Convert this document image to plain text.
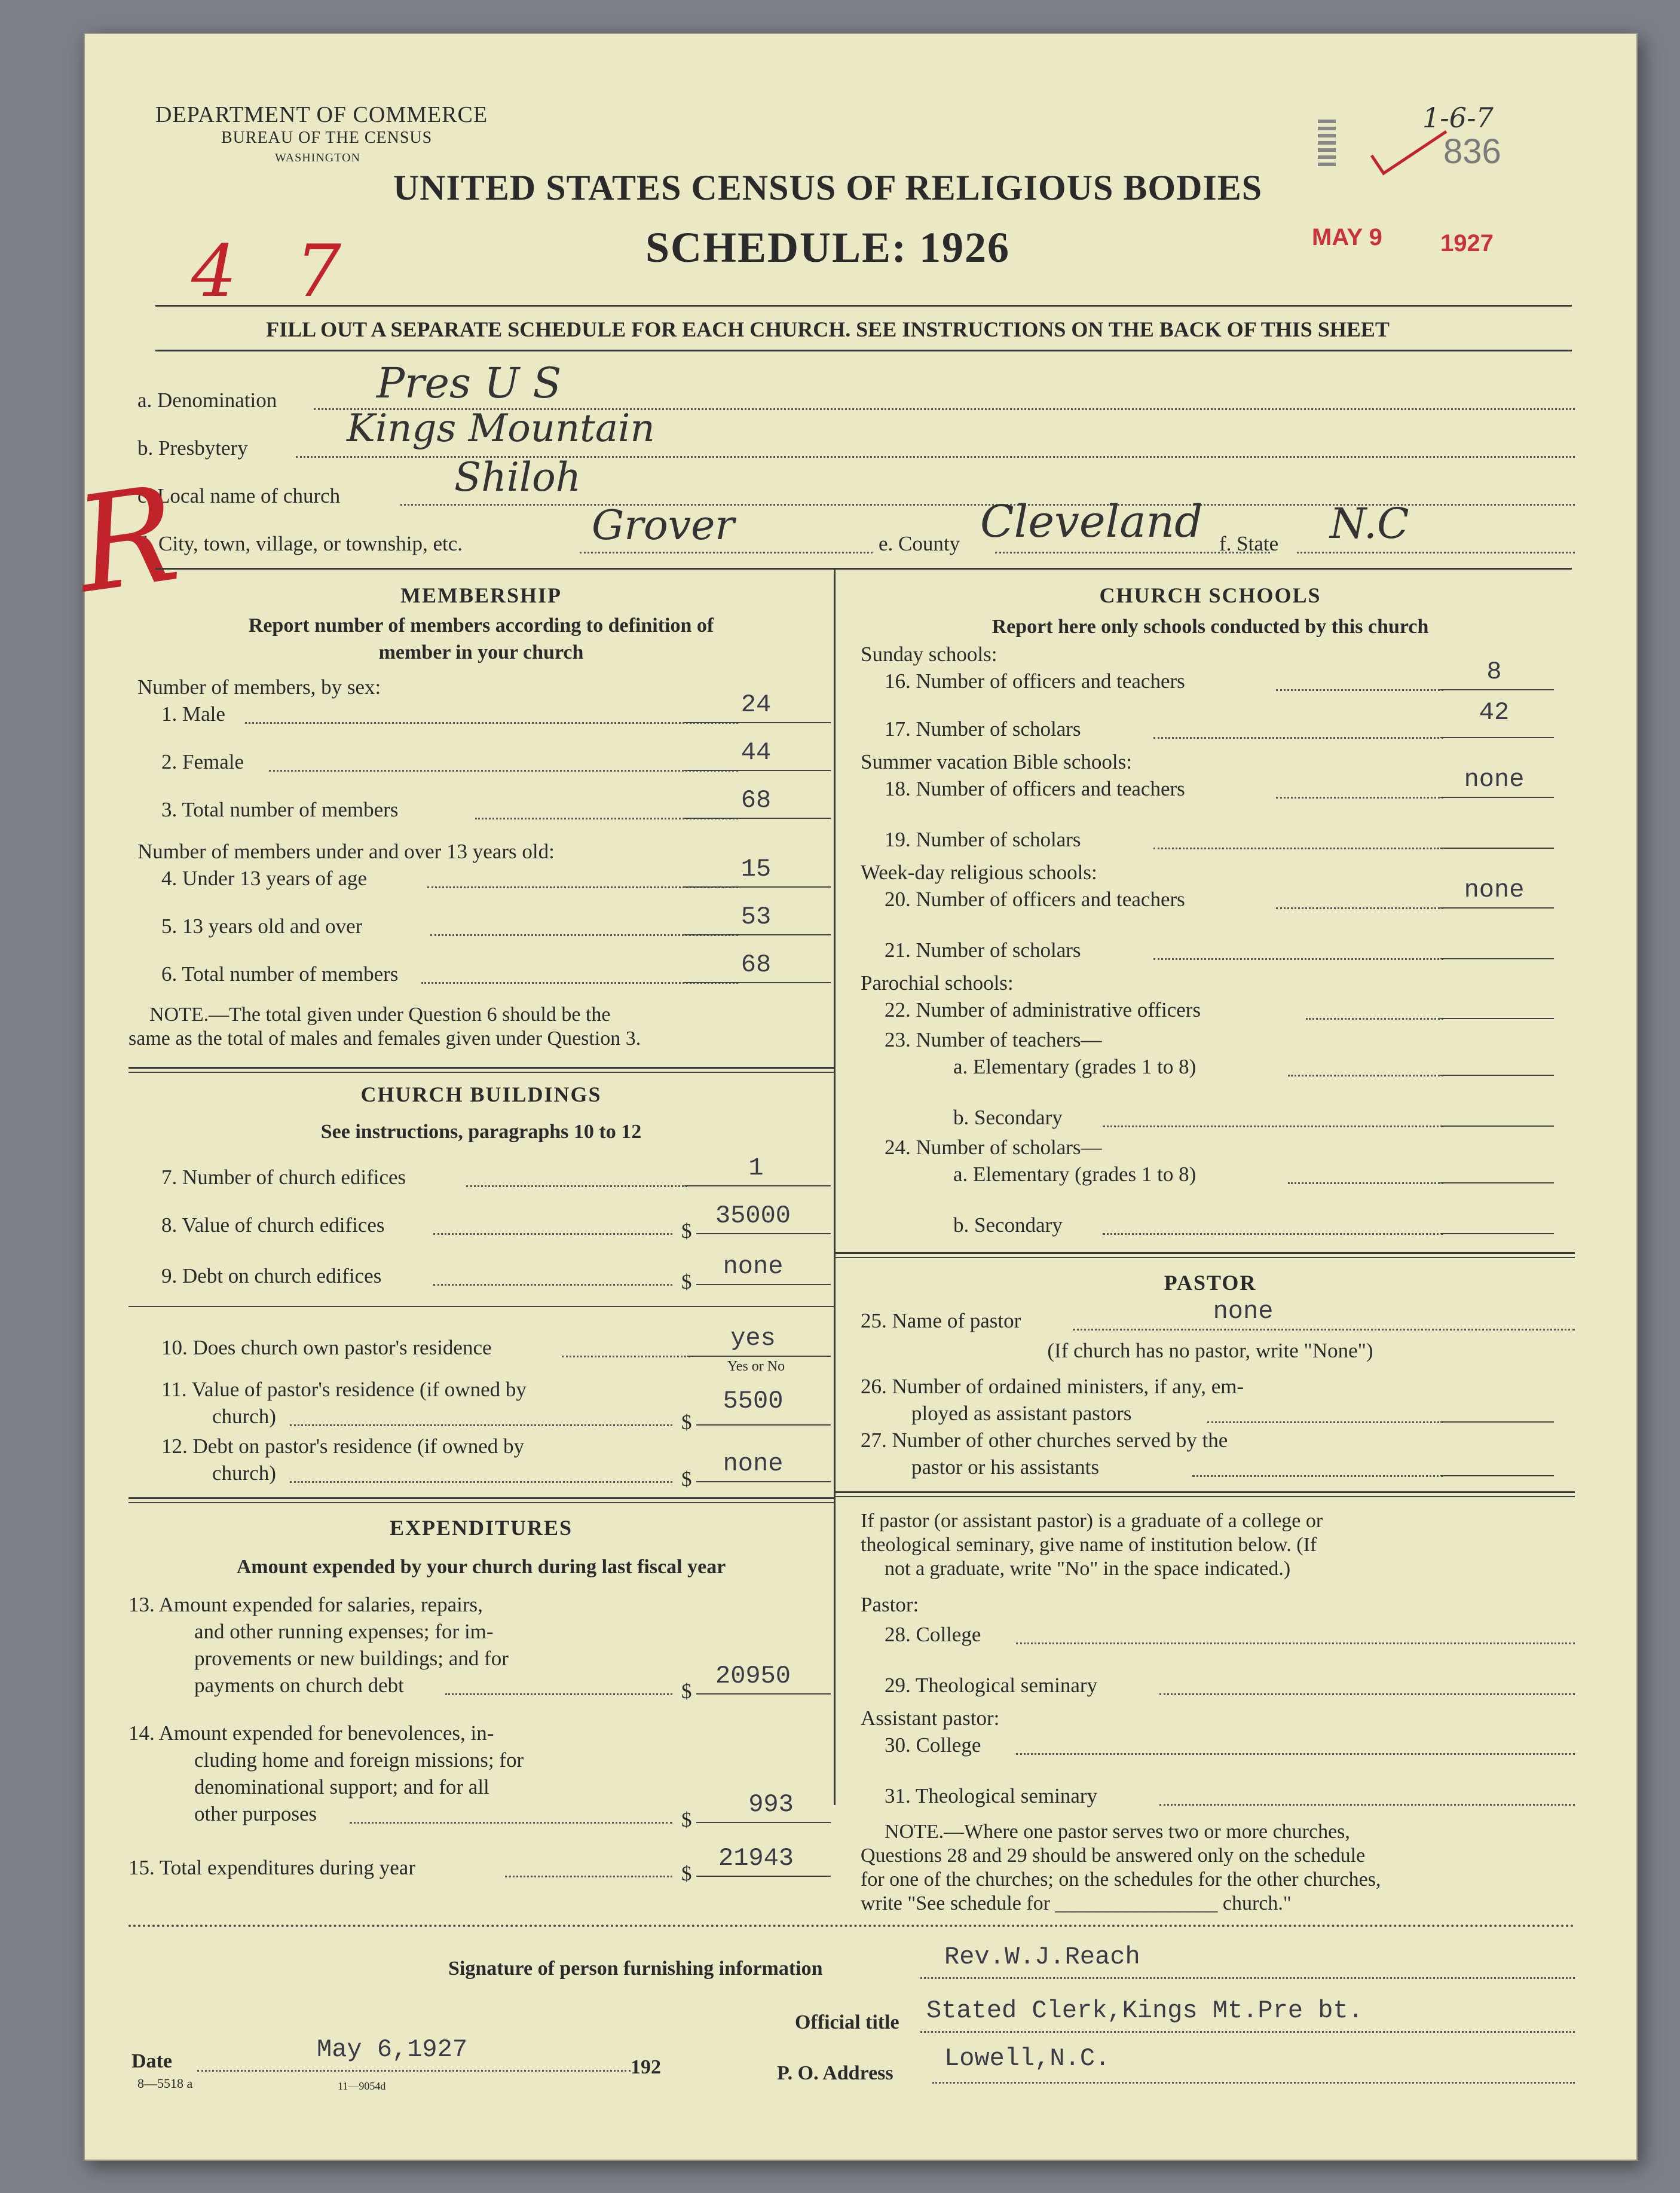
DEPARTMENT OF COMMERCE
BUREAU OF THE CENSUS
WASHINGTON
UNITED STATES CENSUS OF RELIGIOUS BODIES
SCHEDULE: 1926
4 7	MAY 9 1927
1-6-7
836
FILL OUT A SEPARATE SCHEDULE FOR EACH CHURCH. SEE INSTRUCTIONS ON THE BACK OF THIS SHEET
a. Denomination Pres U S
b. Presbytery	Kings Mountain
c. Local name of church	Shiloh
d. City, town, village, or township, etc.	Grover	e. County Cleveland f. State N.C
R	MEMBERSHIP
Report number of members according to definition of
member in your church
Number of members, by sex:
1. Male	24
2. Female	44
3. Total number of members	68
Number of members under and over 13 years old:
4. Under 13 years of age	15
5. 13 years old and over	53
6. Total number of members	68
NOTE.—The total given under Question 6 should be the
same as the total of males and females given under Question 3.
CHURCH BUILDINGS
See instructions, paragraphs 10 to 12
7. Number of church edifices	1
8. Value of church edifices	$
35000
9. Debt on church edifices	$
none
10. Does church own pastor's residence	yes
Yes or No
11. Value of pastor's residence (if owned by
church)	$
5500
12. Debt on pastor's residence (if owned by
church)	$
none
EXPENDITURES
Amount expended by your church during last fiscal year
13. Amount expended for salaries, repairs,
and other running expenses; for im-
provements or new buildings; and for
payments on church debt	$
20950
14. Amount expended for benevolences, in-
cluding home and foreign missions; for
denominational support; and for all
other purposes	$
993
15. Total expenditures during year	$
21943
CHURCH SCHOOLS
Report here only schools conducted by this church
Sunday schools:
16. Number of officers and teachers	8
17. Number of scholars
42
Summer vacation Bible schools:
18. Number of officers and teachers	none
19. Number of scholars
Week-day religious schools:
20. Number of officers and teachers	none
21. Number of scholars
Parochial schools:
22. Number of administrative officers
23. Number of teachers—
a. Elementary (grades 1 to 8)
b. Secondary
24. Number of scholars—
a. Elementary (grades 1 to 8)
b. Secondary
PASTOR
25. Name of pastor	none
(If church has no pastor, write "None")
26. Number of ordained ministers, if any, em-
ployed as assistant pastors
27. Number of other churches served by the
pastor or his assistants
If pastor (or assistant pastor) is a graduate of a college or
theological seminary, give name of institution below. (If
not a graduate, write "No" in the space indicated.)
Pastor:
28. College
29. Theological seminary
Assistant pastor:
30. College
31. Theological seminary
NOTE.—Where one pastor serves two or more churches,
Questions 28 and 29 should be answered only on the schedule
for one of the churches; on the schedules for the other churches,
write "See schedule for ________________ church."
Signature of person furnishing information	Rev.W.J.Reach
Official title Stated Clerk,Kings Mt.Pre bt.
Date	May 6,1927
192	P. O. Address
Lowell,N.C.
8—5518 a	11—9054d
